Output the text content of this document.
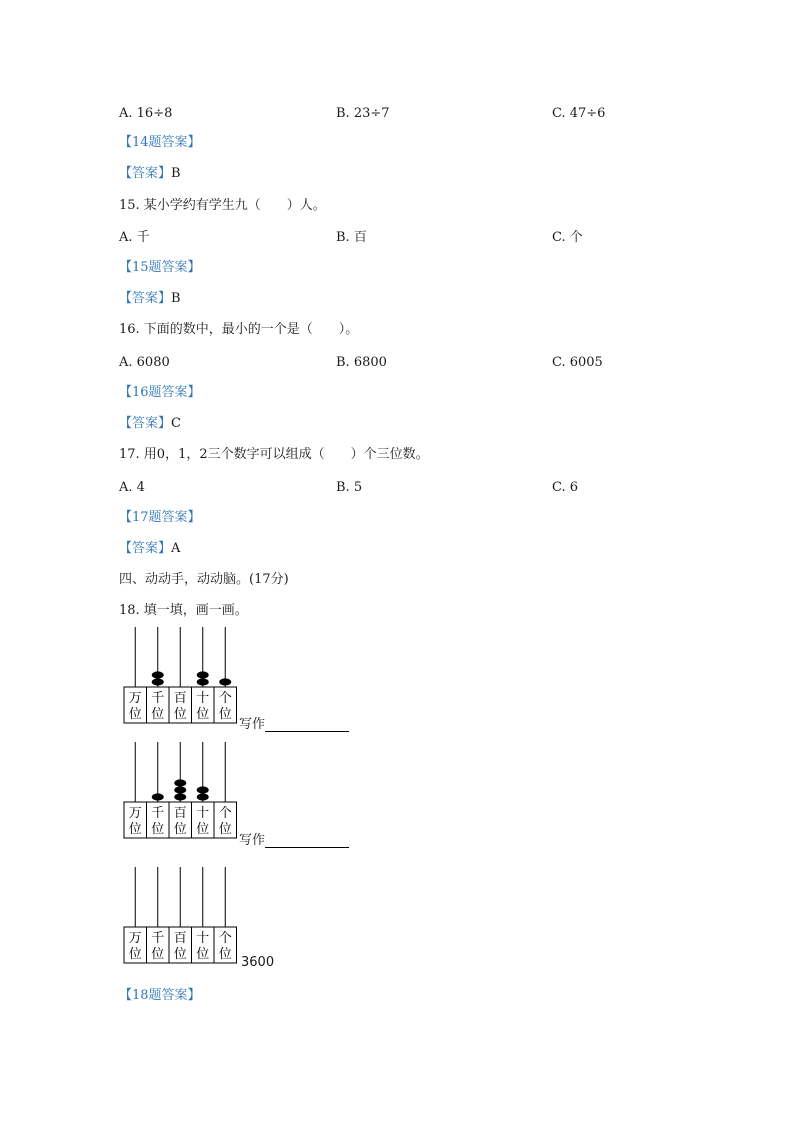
A. 16÷8	B. 23÷7	C. 47÷6
【14题答案】
【答案】B
15. 某小学约有学生九（　　）人。
A. 千	B. 百	C. 个
【15题答案】
【答案】B
16. 下面的数中，最小的一个是（　　）。
A. 6080	B. 6800	C. 6005
【16题答案】
【答案】C
17. 用0，1，2三个数字可以组成（　　）个三位数。
A. 4	B. 5	C. 6
【17题答案】
【答案】A
四、动动手，动动脑。(17分)
18. 填一填，画一画。
万
位
千
位
百
位
十
位
个
位
写作
万
位
千
位
百
位
十
位
个
位
写作
万
位
千
位
百
位
十
位
个
位
3600
【18题答案】
